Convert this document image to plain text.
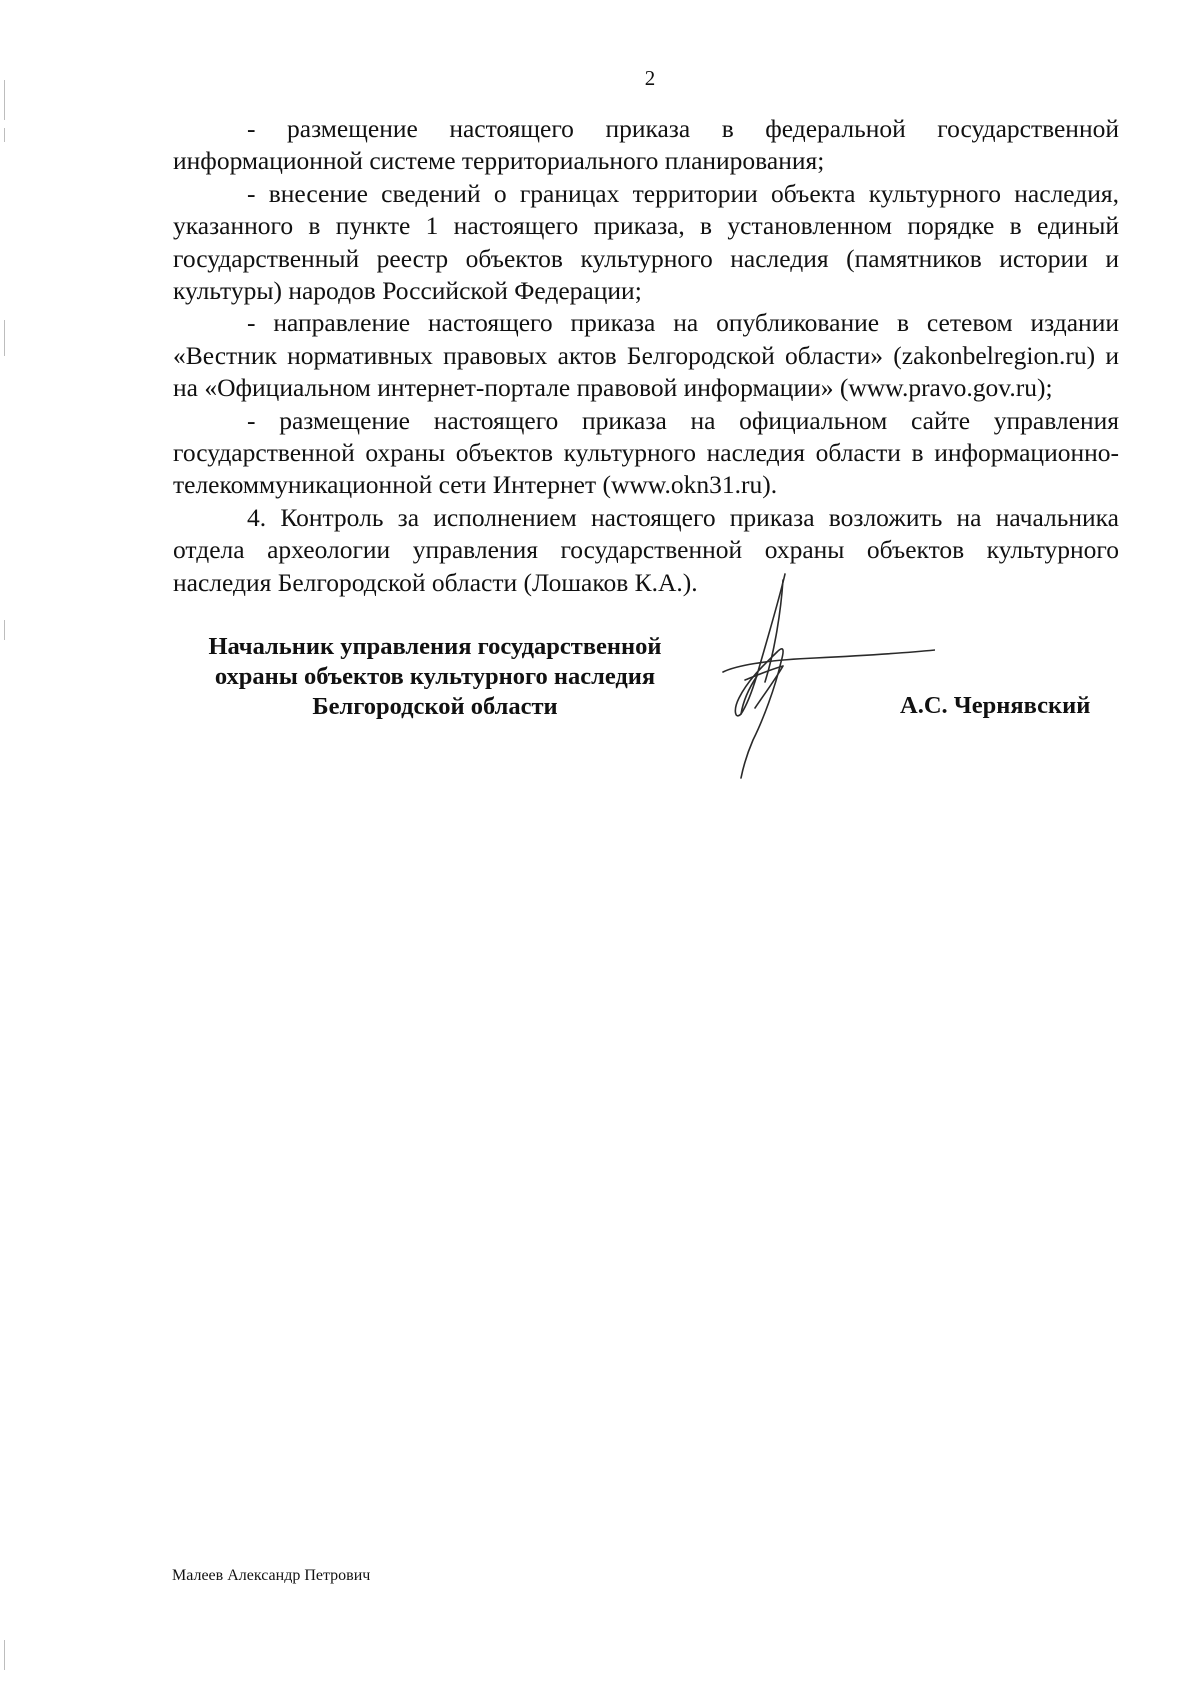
2

- размещение настоящего приказа в федеральной государственной информационной системе территориального планирования;

- внесение сведений о границах территории объекта культурного наследия, указанного в пункте 1 настоящего приказа, в установленном порядке в единый государственный реестр объектов культурного наследия (памятников истории и культуры) народов Российской Федерации;

- направление настоящего приказа на опубликование в сетевом издании «Вестник нормативных правовых актов Белгородской области» (zakonbelregion.ru) и на «Официальном интернет-портале правовой информации» (www.pravo.gov.ru);

- размещение настоящего приказа на официальном сайте управления государственной охраны объектов культурного наследия области в информационно-телекоммуникационной сети Интернет (www.okn31.ru).

4. Контроль за исполнением настоящего приказа возложить на начальника отдела археологии управления государственной охраны объектов культурного наследия Белгородской области (Лошаков К.А.).

Начальник управления государственной
охраны объектов культурного наследия
Белгородской области	А.С. Чернявский
Малеев Александр Петрович
